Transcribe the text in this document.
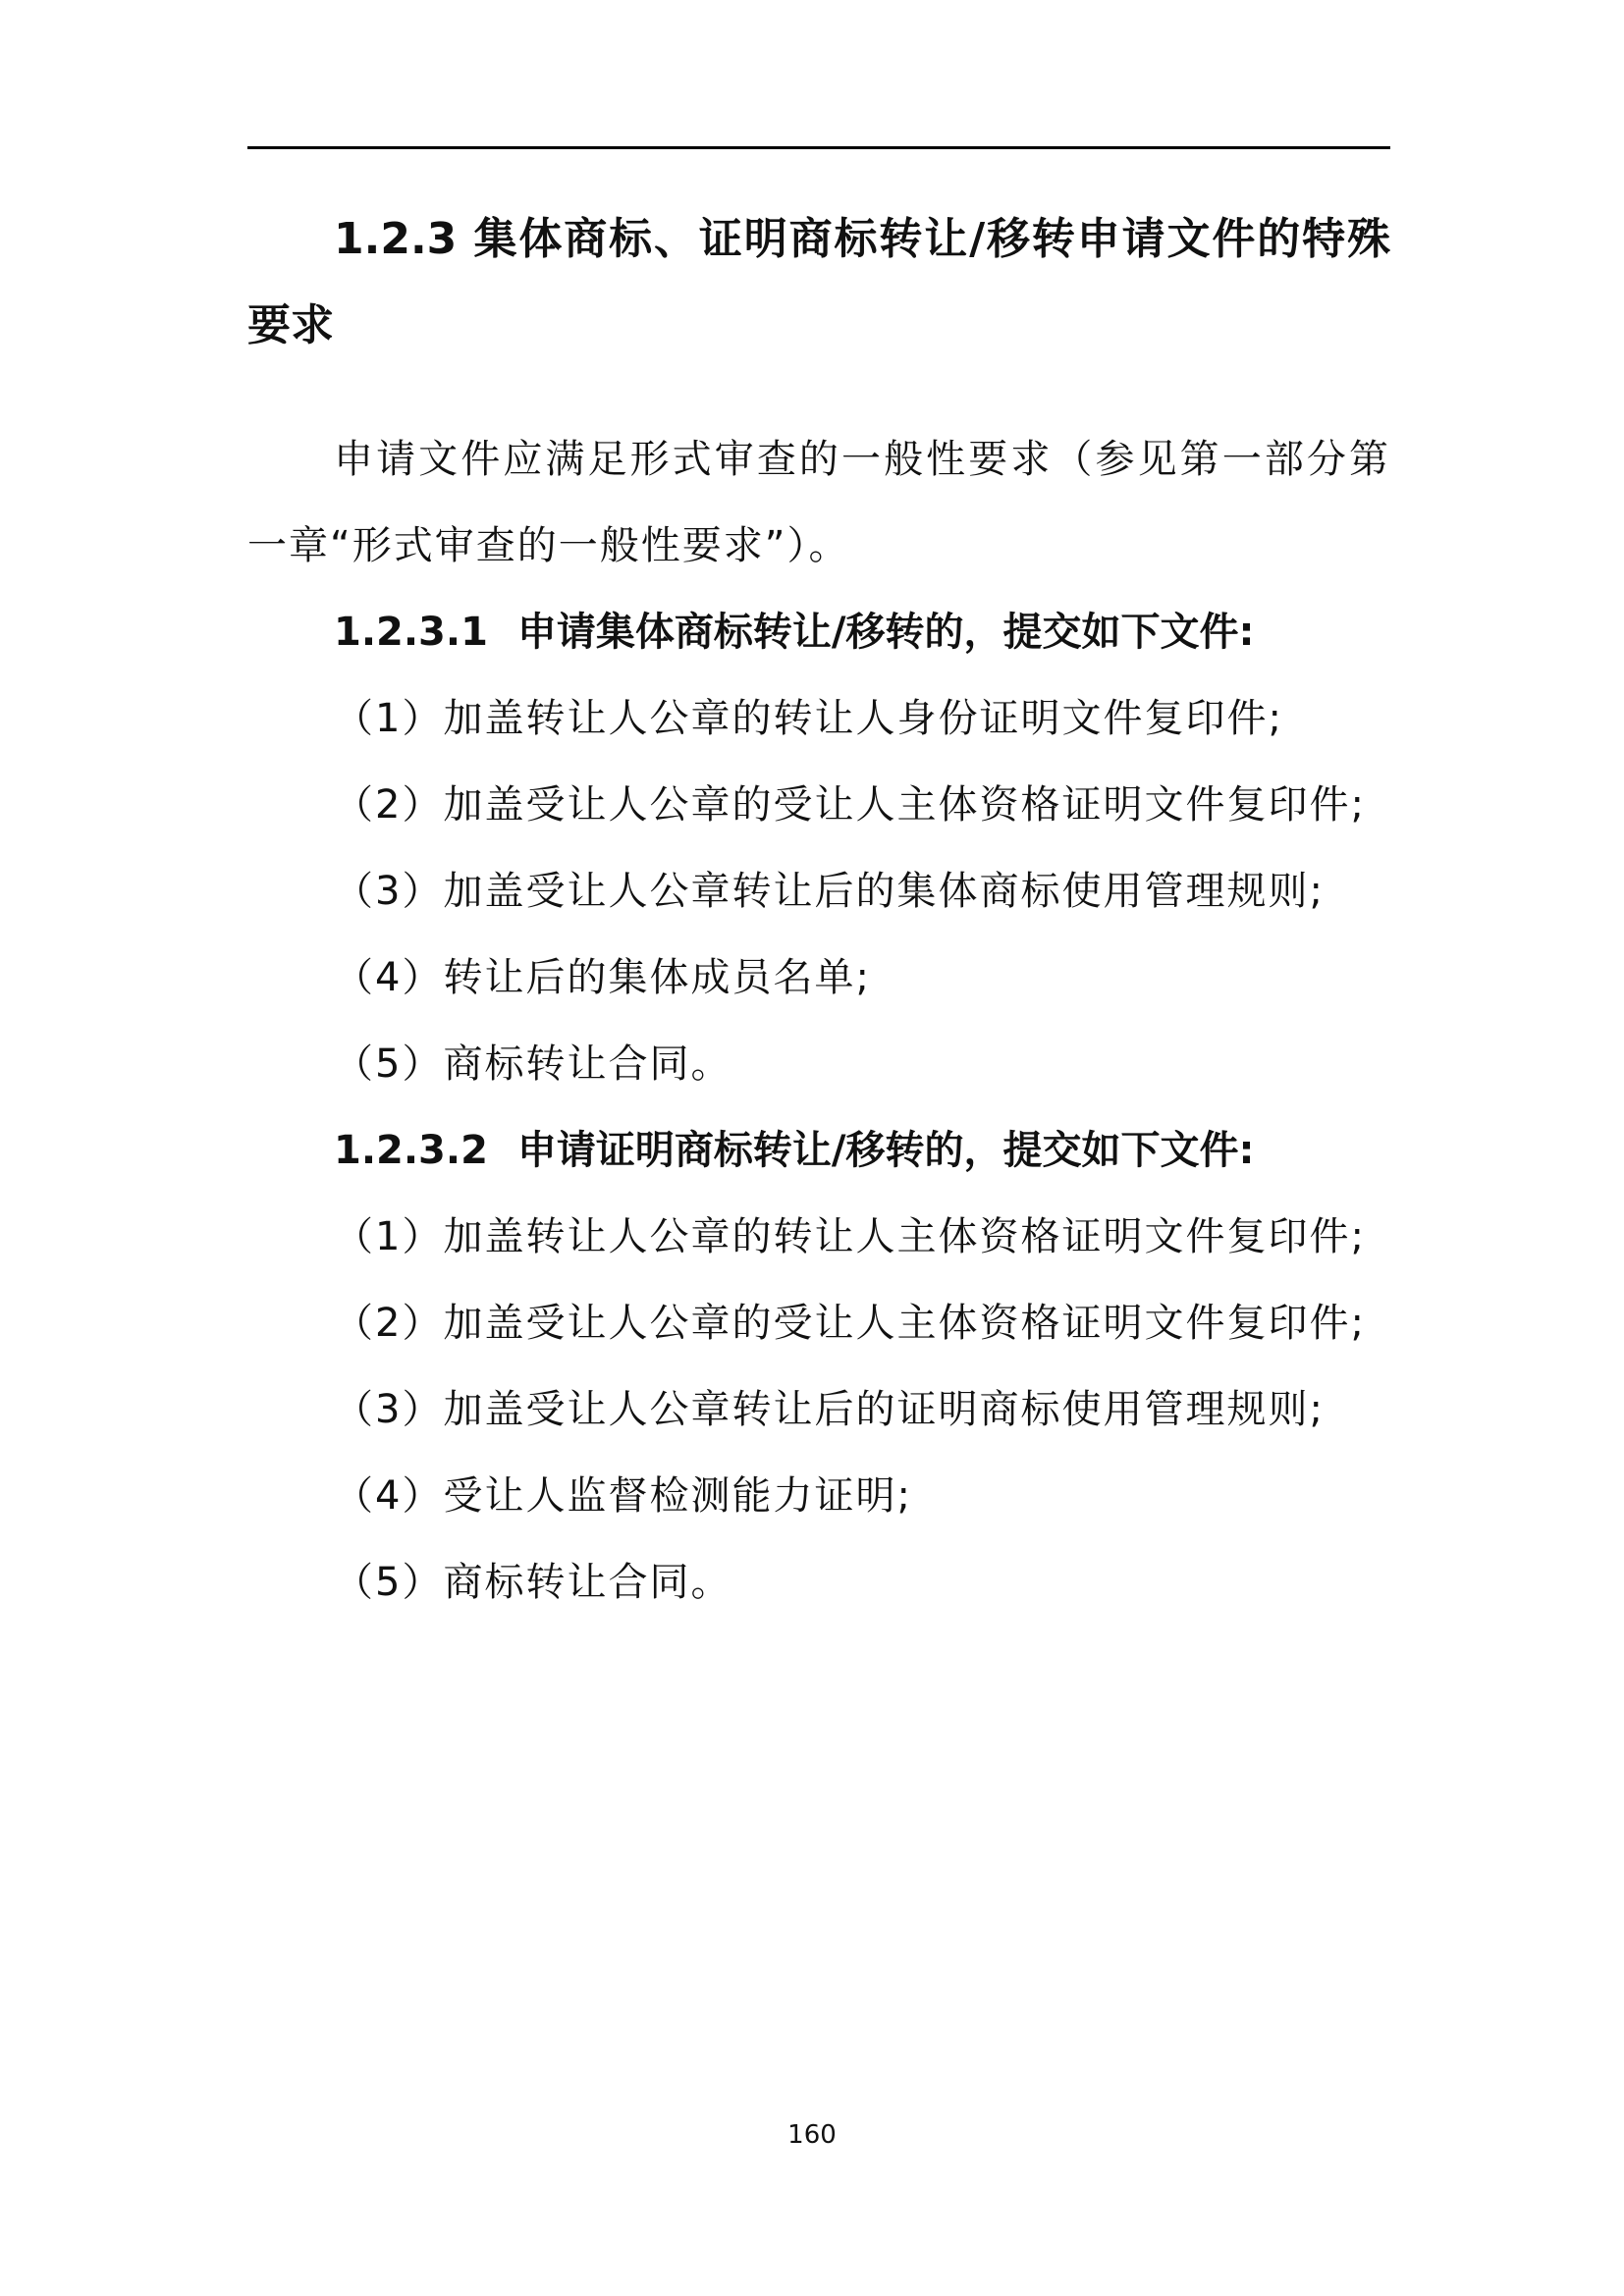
1.2.3 集体商标、证明商标转让/移转申请文件的特殊要求

申请文件应满足形式审查的一般性要求（参见第一部分第一章“形式审查的一般性要求”）。

1.2.3.1 申请集体商标转让/移转的，提交如下文件:

（1）加盖转让人公章的转让人身份证明文件复印件;

（2）加盖受让人公章的受让人主体资格证明文件复印件;

（3）加盖受让人公章转让后的集体商标使用管理规则;

（4）转让后的集体成员名单;

（5）商标转让合同。

1.2.3.2 申请证明商标转让/移转的，提交如下文件:

（1）加盖转让人公章的转让人主体资格证明文件复印件;

（2）加盖受让人公章的受让人主体资格证明文件复印件;

（3）加盖受让人公章转让后的证明商标使用管理规则;

（4）受让人监督检测能力证明;

（5）商标转让合同。

160
